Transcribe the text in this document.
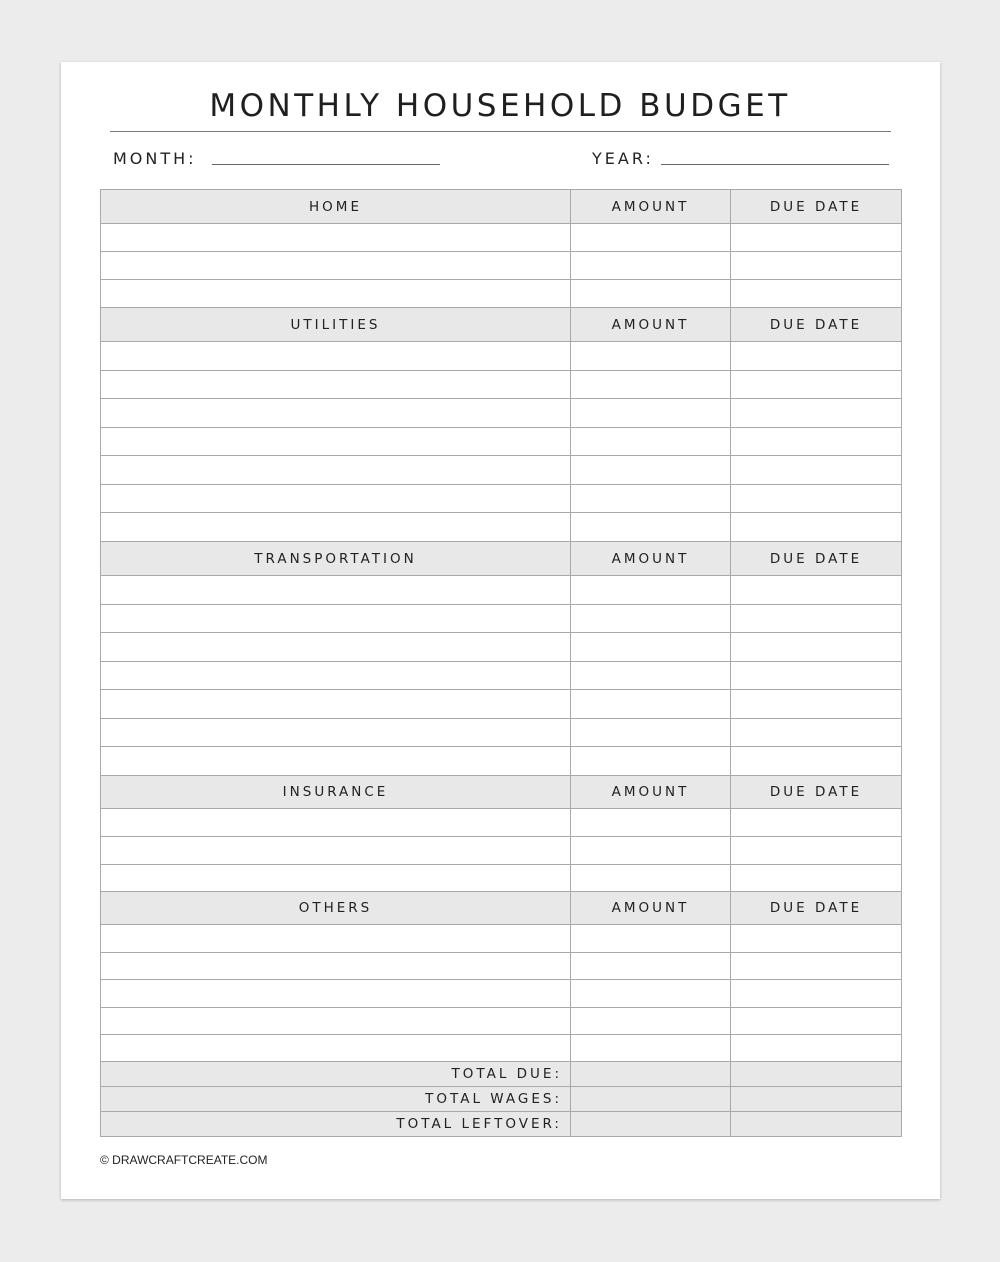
MONTHLY HOUSEHOLD BUDGET
MONTH:	YEAR:
HOME	AMOUNT	DUE DATE

UTILITIES	AMOUNT	DUE DATE

TRANSPORTATION	AMOUNT	DUE DATE

INSURANCE	AMOUNT	DUE DATE

OTHERS	AMOUNT	DUE DATE

TOTAL DUE:		
TOTAL WAGES:		
TOTAL LEFTOVER:		
© DRAWCRAFTCREATE.COM
